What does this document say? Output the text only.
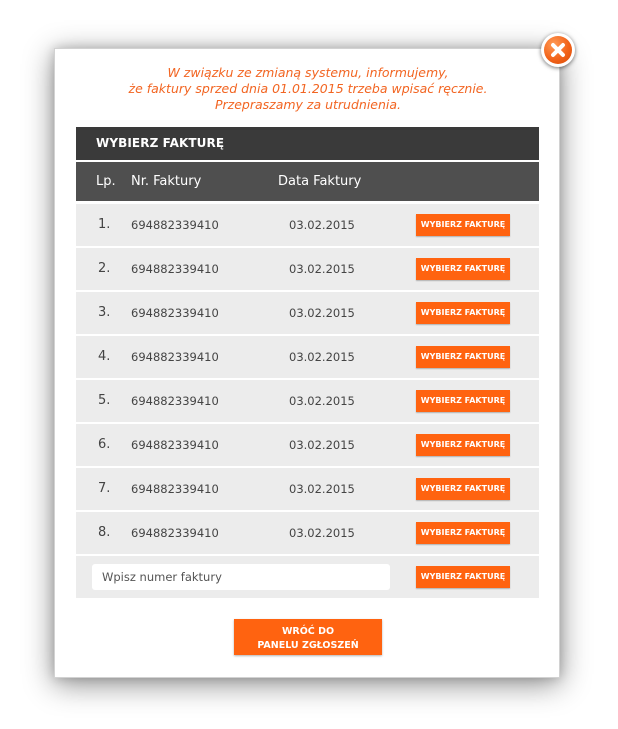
W związku ze zmianą systemu, informujemy,
że faktury sprzed dnia 01.01.2015 trzeba wpisać ręcznie.
Przepraszamy za utrudnienia.
WYBIERZ FAKTURĘ
Lp. Nr. Faktury	Data Faktury
1. 694882339410	03.02.2015	WYBIERZ FAKTURĘ
2. 694882339410	03.02.2015	WYBIERZ FAKTURĘ
3. 694882339410	03.02.2015	WYBIERZ FAKTURĘ
4. 694882339410	03.02.2015	WYBIERZ FAKTURĘ
5. 694882339410	03.02.2015	WYBIERZ FAKTURĘ
6. 694882339410	03.02.2015	WYBIERZ FAKTURĘ
7. 694882339410	03.02.2015	WYBIERZ FAKTURĘ
8. 694882339410	03.02.2015	WYBIERZ FAKTURĘ
Wpisz numer faktury
WYBIERZ FAKTURĘ
WRÓĆ DO
PANELU ZGŁOSZEŃ
